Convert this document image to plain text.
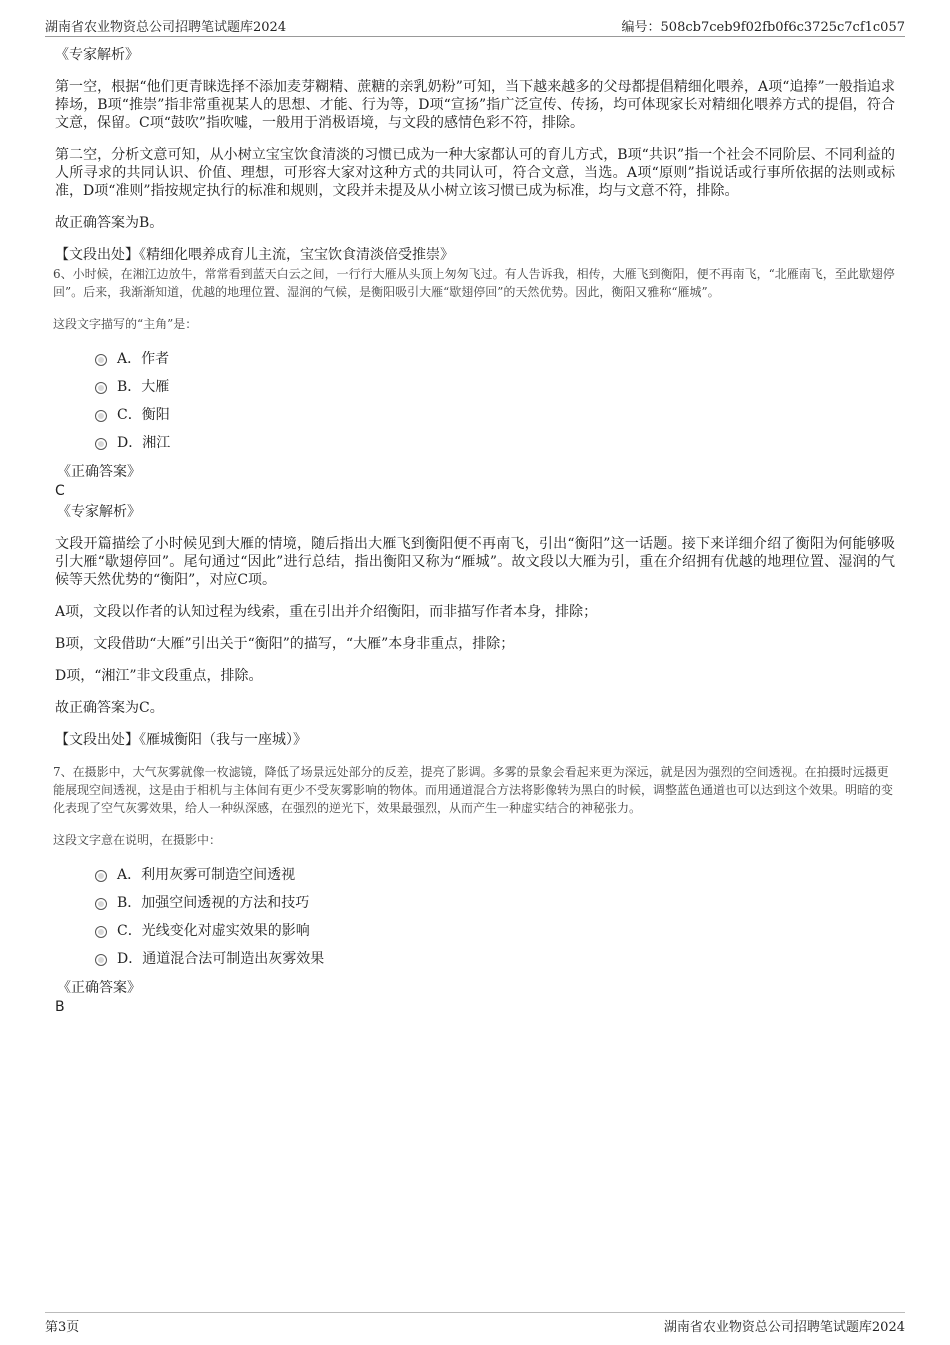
湖南省农业物资总公司招聘笔试题库2024	编号：508cb7ceb9f02fb0f6c3725c7cf1c057

《专家解析》

第一空，根据“他们更青睐选择不添加麦芽糊精、蔗糖的亲乳奶粉”可知，当下越来越多的父母都提倡精细化喂养，A项“追捧”一般指追求捧场，B项“推崇”指非常重视某人的思想、才能、行为等，D项“宣扬”指广泛宣传、传扬，均可体现家长对精细化喂养方式的提倡，符合文意，保留。C项“鼓吹”指吹嘘，一般用于消极语境，与文段的感情色彩不符，排除。

第二空，分析文意可知，从小树立宝宝饮食清淡的习惯已成为一种大家都认可的育儿方式，B项“共识”指一个社会不同阶层、不同利益的人所寻求的共同认识、价值、理想，可形容大家对这种方式的共同认可，符合文意，当选。A项“原则”指说话或行事所依据的法则或标准，D项“准则”指按规定执行的标准和规则，文段并未提及从小树立该习惯已成为标准，均与文意不符，排除。

故正确答案为B。

【文段出处】《精细化喂养成育儿主流，宝宝饮食清淡倍受推崇》

6、小时候，在湘江边放牛，常常看到蓝天白云之间，一行行大雁从头顶上匆匆飞过。有人告诉我，相传，大雁飞到衡阳，便不再南飞，“北雁南飞，至此歇翅停回”。后来，我渐渐知道，优越的地理位置、湿润的气候，是衡阳吸引大雁“歇翅停回”的天然优势。因此，衡阳又雅称“雁城”。

这段文字描写的“主角”是：

A．作者
B．大雁
C．衡阳
D．湘江

《正确答案》

C

《专家解析》

文段开篇描绘了小时候见到大雁的情境，随后指出大雁飞到衡阳便不再南飞，引出“衡阳”这一话题。接下来详细介绍了衡阳为何能够吸引大雁“歇翅停回”。尾句通过“因此”进行总结，指出衡阳又称为“雁城”。故文段以大雁为引，重在介绍拥有优越的地理位置、湿润的气候等天然优势的“衡阳”，对应C项。

A项，文段以作者的认知过程为线索，重在引出并介绍衡阳，而非描写作者本身，排除；

B项，文段借助“大雁”引出关于“衡阳”的描写，“大雁”本身非重点，排除；

D项，“湘江”非文段重点，排除。

故正确答案为C。

【文段出处】《雁城衡阳（我与一座城）》

7、在摄影中，大气灰雾就像一枚滤镜，降低了场景远处部分的反差，提亮了影调。多雾的景象会看起来更为深远，就是因为强烈的空间透视。在拍摄时远摄更能展现空间透视，这是由于相机与主体间有更少不受灰雾影响的物体。而用通道混合方法将影像转为黑白的时候，调整蓝色通道也可以达到这个效果。明暗的变化表现了空气灰雾效果，给人一种纵深感，在强烈的逆光下，效果最强烈，从而产生一种虚实结合的神秘张力。

这段文字意在说明，在摄影中：

A．利用灰雾可制造空间透视
B．加强空间透视的方法和技巧
C．光线变化对虚实效果的影响
D．通道混合法可制造出灰雾效果

《正确答案》

B

第3页	湖南省农业物资总公司招聘笔试题库2024
